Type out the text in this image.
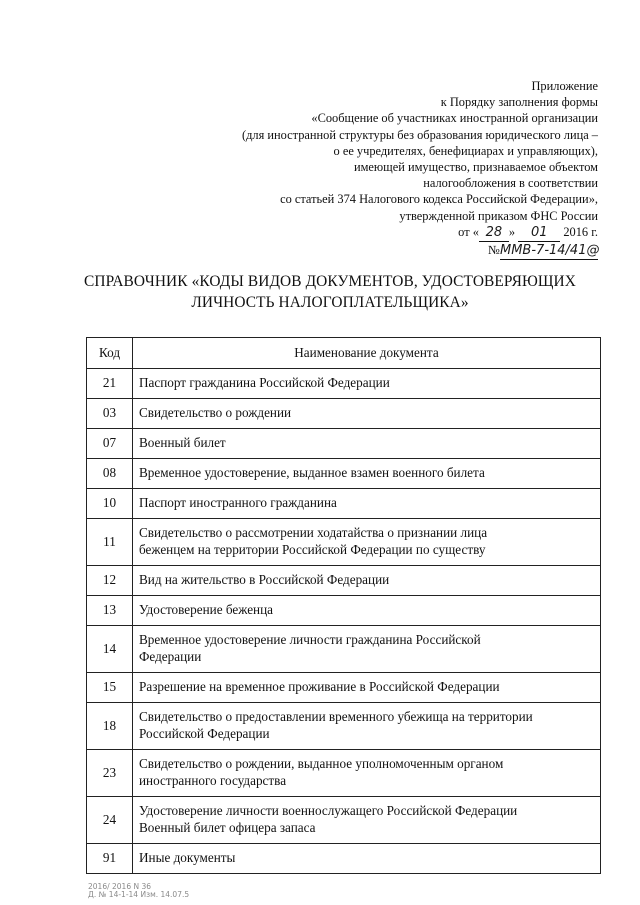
Приложение
к Порядку заполнения формы
«Сообщение об участниках иностранной организации
(для иностранной структуры без образования юридического лица –
о ее учредителях, бенефициарах и управляющих),
имеющей имущество, признаваемое объектом
налогообложения в соответствии
со статьей 374 Налогового кодекса Российской Федерации»,
утвержденной приказом ФНС России
от « 28 » 01 2016 г.
№ММВ-7-14/41@
СПРАВОЧНИК «КОДЫ ВИДОВ ДОКУМЕНТОВ, УДОСТОВЕРЯЮЩИХ
ЛИЧНОСТЬ НАЛОГОПЛАТЕЛЬЩИКА»
Код	Наименование документа
21	Паспорт гражданина Российской Федерации

03	Свидетельство о рождении

07	Военный билет

08	Временное удостоверение, выданное взамен военного билета

10	Паспорт иностранного гражданина

11	Свидетельство о рассмотрении ходатайства о признании лица
беженцем на территории Российской Федерации по существу

12	Вид на жительство в Российской Федерации

13	Удостоверение беженца

14	Временное удостоверение личности гражданина Российской
Федерации

15	Разрешение на временное проживание в Российской Федерации

18	Свидетельство о предоставлении временного убежища на территории
Российской Федерации

23	Свидетельство о рождении, выданное уполномоченным органом
иностранного государства

24	Удостоверение личности военнослужащего Российской Федерации
Военный билет офицера запаса

91	Иные документы
2016/ 2016 N 36
Д. № 14-1-14 Изм. 14.07.5
